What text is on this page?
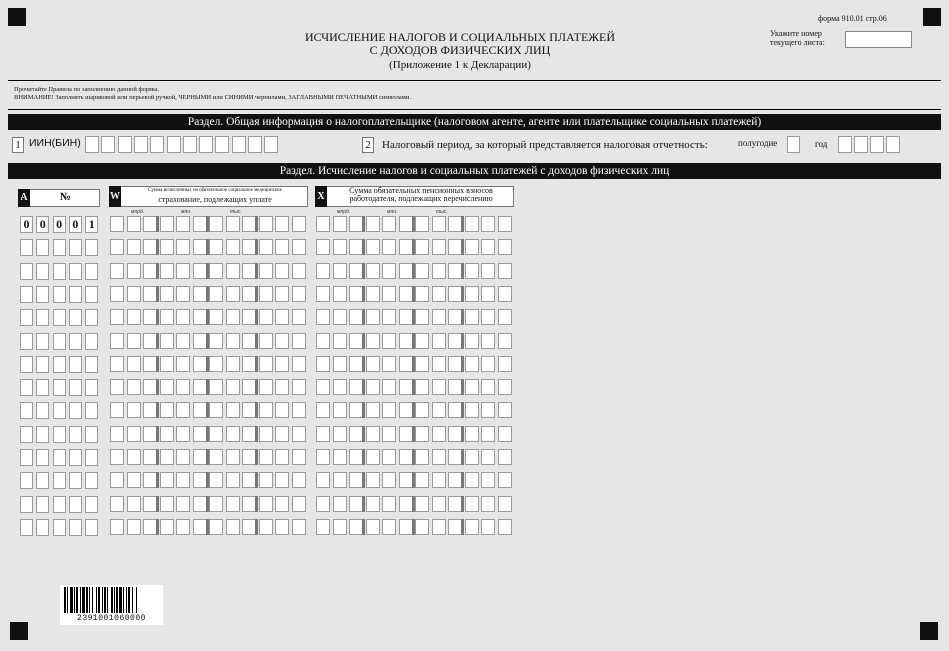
форма 910.01 стр.06
Укажите номер текущего листа:
ИСЧИСЛЕНИЕ НАЛОГОВ И СОЦИАЛЬНЫХ ПЛАТЕЖЕЙ
С ДОХОДОВ ФИЗИЧЕСКИХ ЛИЦ
(Приложение 1 к Декларации)
Прочитайте Правила по заполнению данной формы.
ВНИМАНИЕ! Заполнять шариковой или перьевой ручкой, ЧЕРНЫМИ или СИНИМИ чернилами, ЗАГЛАВНЫМИ ПЕЧАТНЫМИ символами.
Раздел. Общая информация о налогоплательщике (налоговом агенте, агенте или плательщике социальных платежей)
1 ИИН(БИН)	2 Налоговый период, за который представляется налоговая отчетность:	полугодие	год
Раздел. Исчисление налогов и социальных платежей с доходов физических лиц
A	№	W
Сумма исчисленных на обязательное социальное медицинское
страхование, подлежащих уплате
млрд.	млн.	тыс.
X
Сумма обязательных пенсионных взносов
работодателя, подлежащих перечислению
млрд.	млн.	тыс.
0 0 0 0 1
2391001060000
